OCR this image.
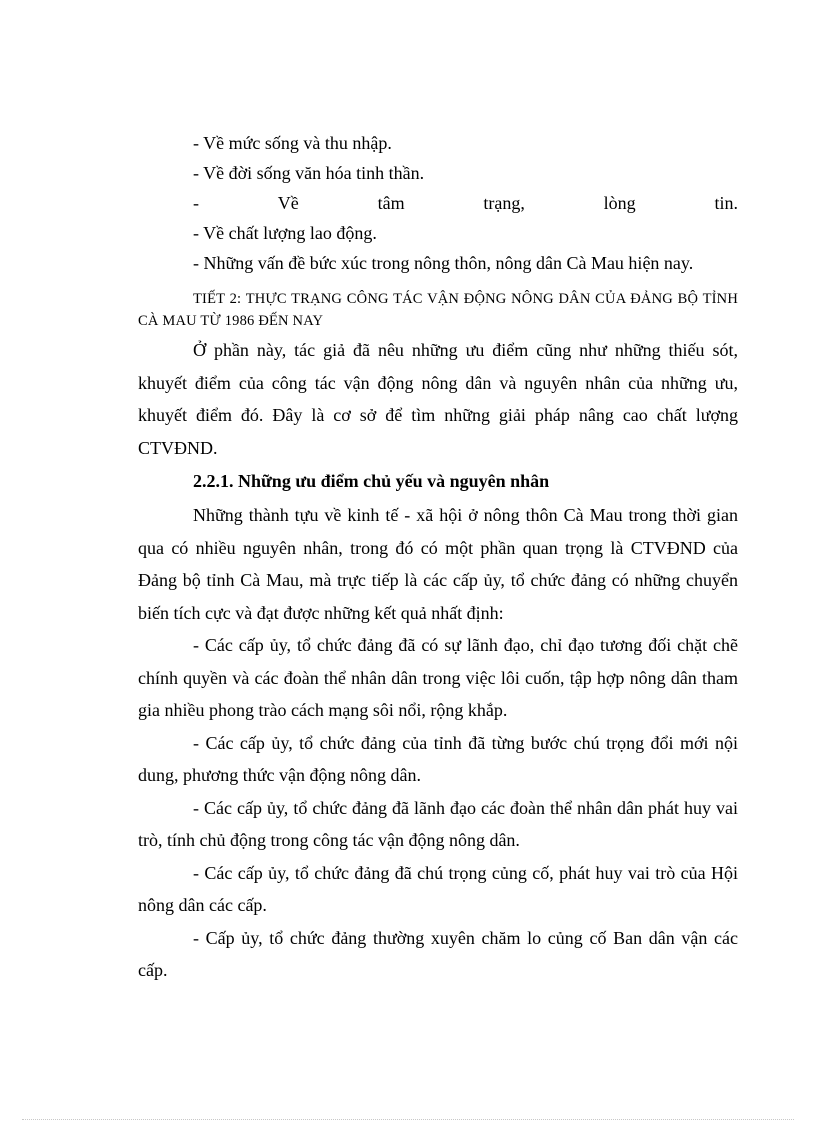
- Về mức sống và thu nhập.
- Về đời sống văn hóa tinh thần.
-	Về	tâm	trạng,	lòng	tin.
- Về chất lượng lao động.
- Những vấn đề bức xúc trong nông thôn, nông dân Cà Mau hiện nay.
TIẾT 2: THỰC TRẠNG CÔNG TÁC VẬN ĐỘNG NÔNG DÂN CỦA ĐẢNG BỘ TỈNH CÀ MAU TỪ 1986 ĐẾN NAY

Ở phần này, tác giả đã nêu những ưu điểm cũng như những thiếu sót, khuyết điểm của công tác vận động nông dân và nguyên nhân của những ưu, khuyết điểm đó. Đây là cơ sở để tìm những giải pháp nâng cao chất lượng CTVĐND.

2.2.1. Những ưu điểm chủ yếu và nguyên nhân

Những thành tựu về kinh tế - xã hội ở nông thôn Cà Mau trong thời gian qua có nhiều nguyên nhân, trong đó có một phần quan trọng là CTVĐND của Đảng bộ tỉnh Cà Mau, mà trực tiếp là các cấp ủy, tổ chức đảng có những chuyển biến tích cực và đạt được những kết quả nhất định:

- Các cấp ủy, tổ chức đảng đã có sự lãnh đạo, chỉ đạo tương đối chặt chẽ chính quyền và các đoàn thể nhân dân trong việc lôi cuốn, tập hợp nông dân tham gia nhiều phong trào cách mạng sôi nổi, rộng khắp.

- Các cấp ủy, tổ chức đảng của tỉnh đã từng bước chú trọng đổi mới nội dung, phương thức vận động nông dân.

- Các cấp ủy, tổ chức đảng đã lãnh đạo các đoàn thể nhân dân phát huy vai trò, tính chủ động trong công tác vận động nông dân.

- Các cấp ủy, tổ chức đảng đã chú trọng củng cố, phát huy vai trò của Hội nông dân các cấp.

- Cấp ủy, tổ chức đảng thường xuyên chăm lo củng cố Ban dân vận các cấp.
